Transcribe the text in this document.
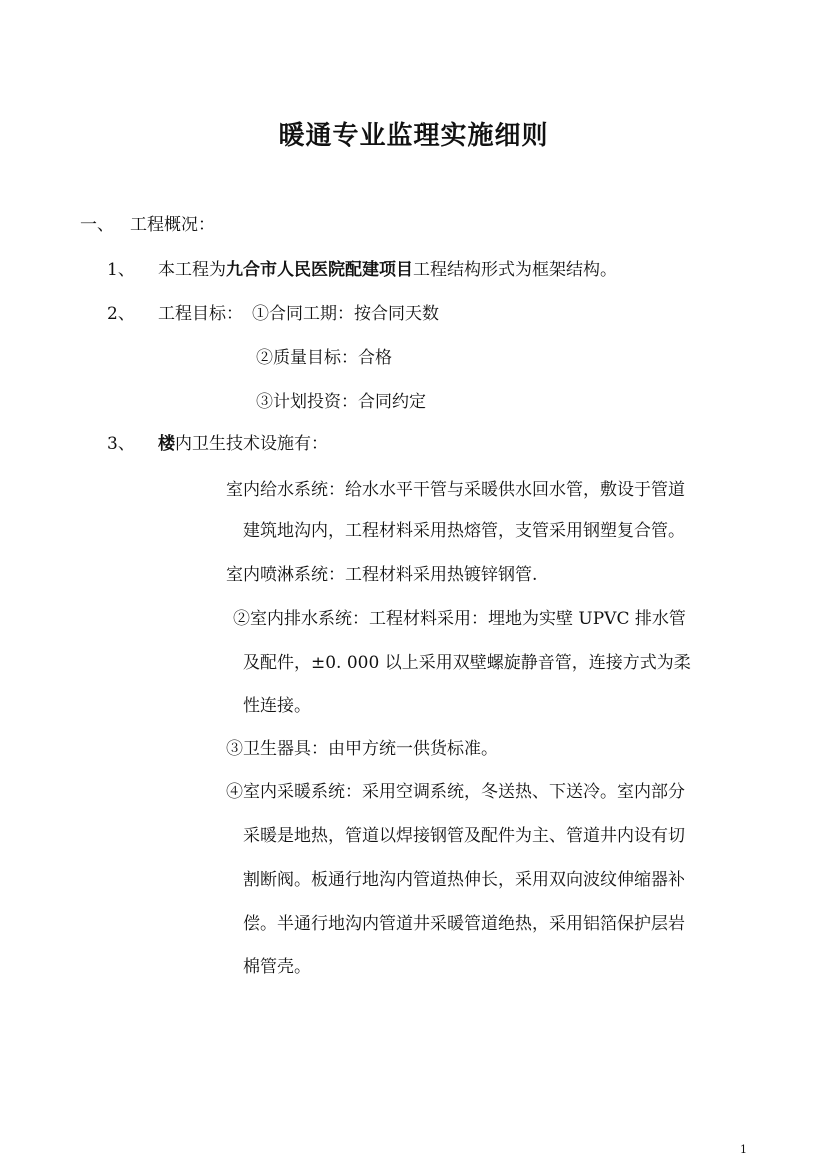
暖通专业监理实施细则
一、 工程概况：
1、 本工程为九合市人民医院配建项目工程结构形式为框架结构。
2、 工程目标： ①合同工期：按合同天数
②质量目标：合格
③计划投资：合同约定
3、 楼内卫生技术设施有：
室内给水系统：给水水平干管与采暖供水回水管，敷设于管道
建筑地沟内，工程材料采用热熔管，支管采用钢塑复合管。
室内喷淋系统：工程材料采用热镀锌钢管.
②室内排水系统：工程材料采用：埋地为实壁 UPVC 排水管
及配件，±0. 000 以上采用双壁螺旋静音管，连接方式为柔
性连接。
③卫生器具：由甲方统一供货标准。
④室内采暖系统：采用空调系统，冬送热、下送冷。室内部分
采暖是地热，管道以焊接钢管及配件为主、管道井内设有切
割断阀。板通行地沟内管道热伸长，采用双向波纹伸缩器补
偿。半通行地沟内管道井采暖管道绝热，采用铝箔保护层岩
棉管壳。
1
